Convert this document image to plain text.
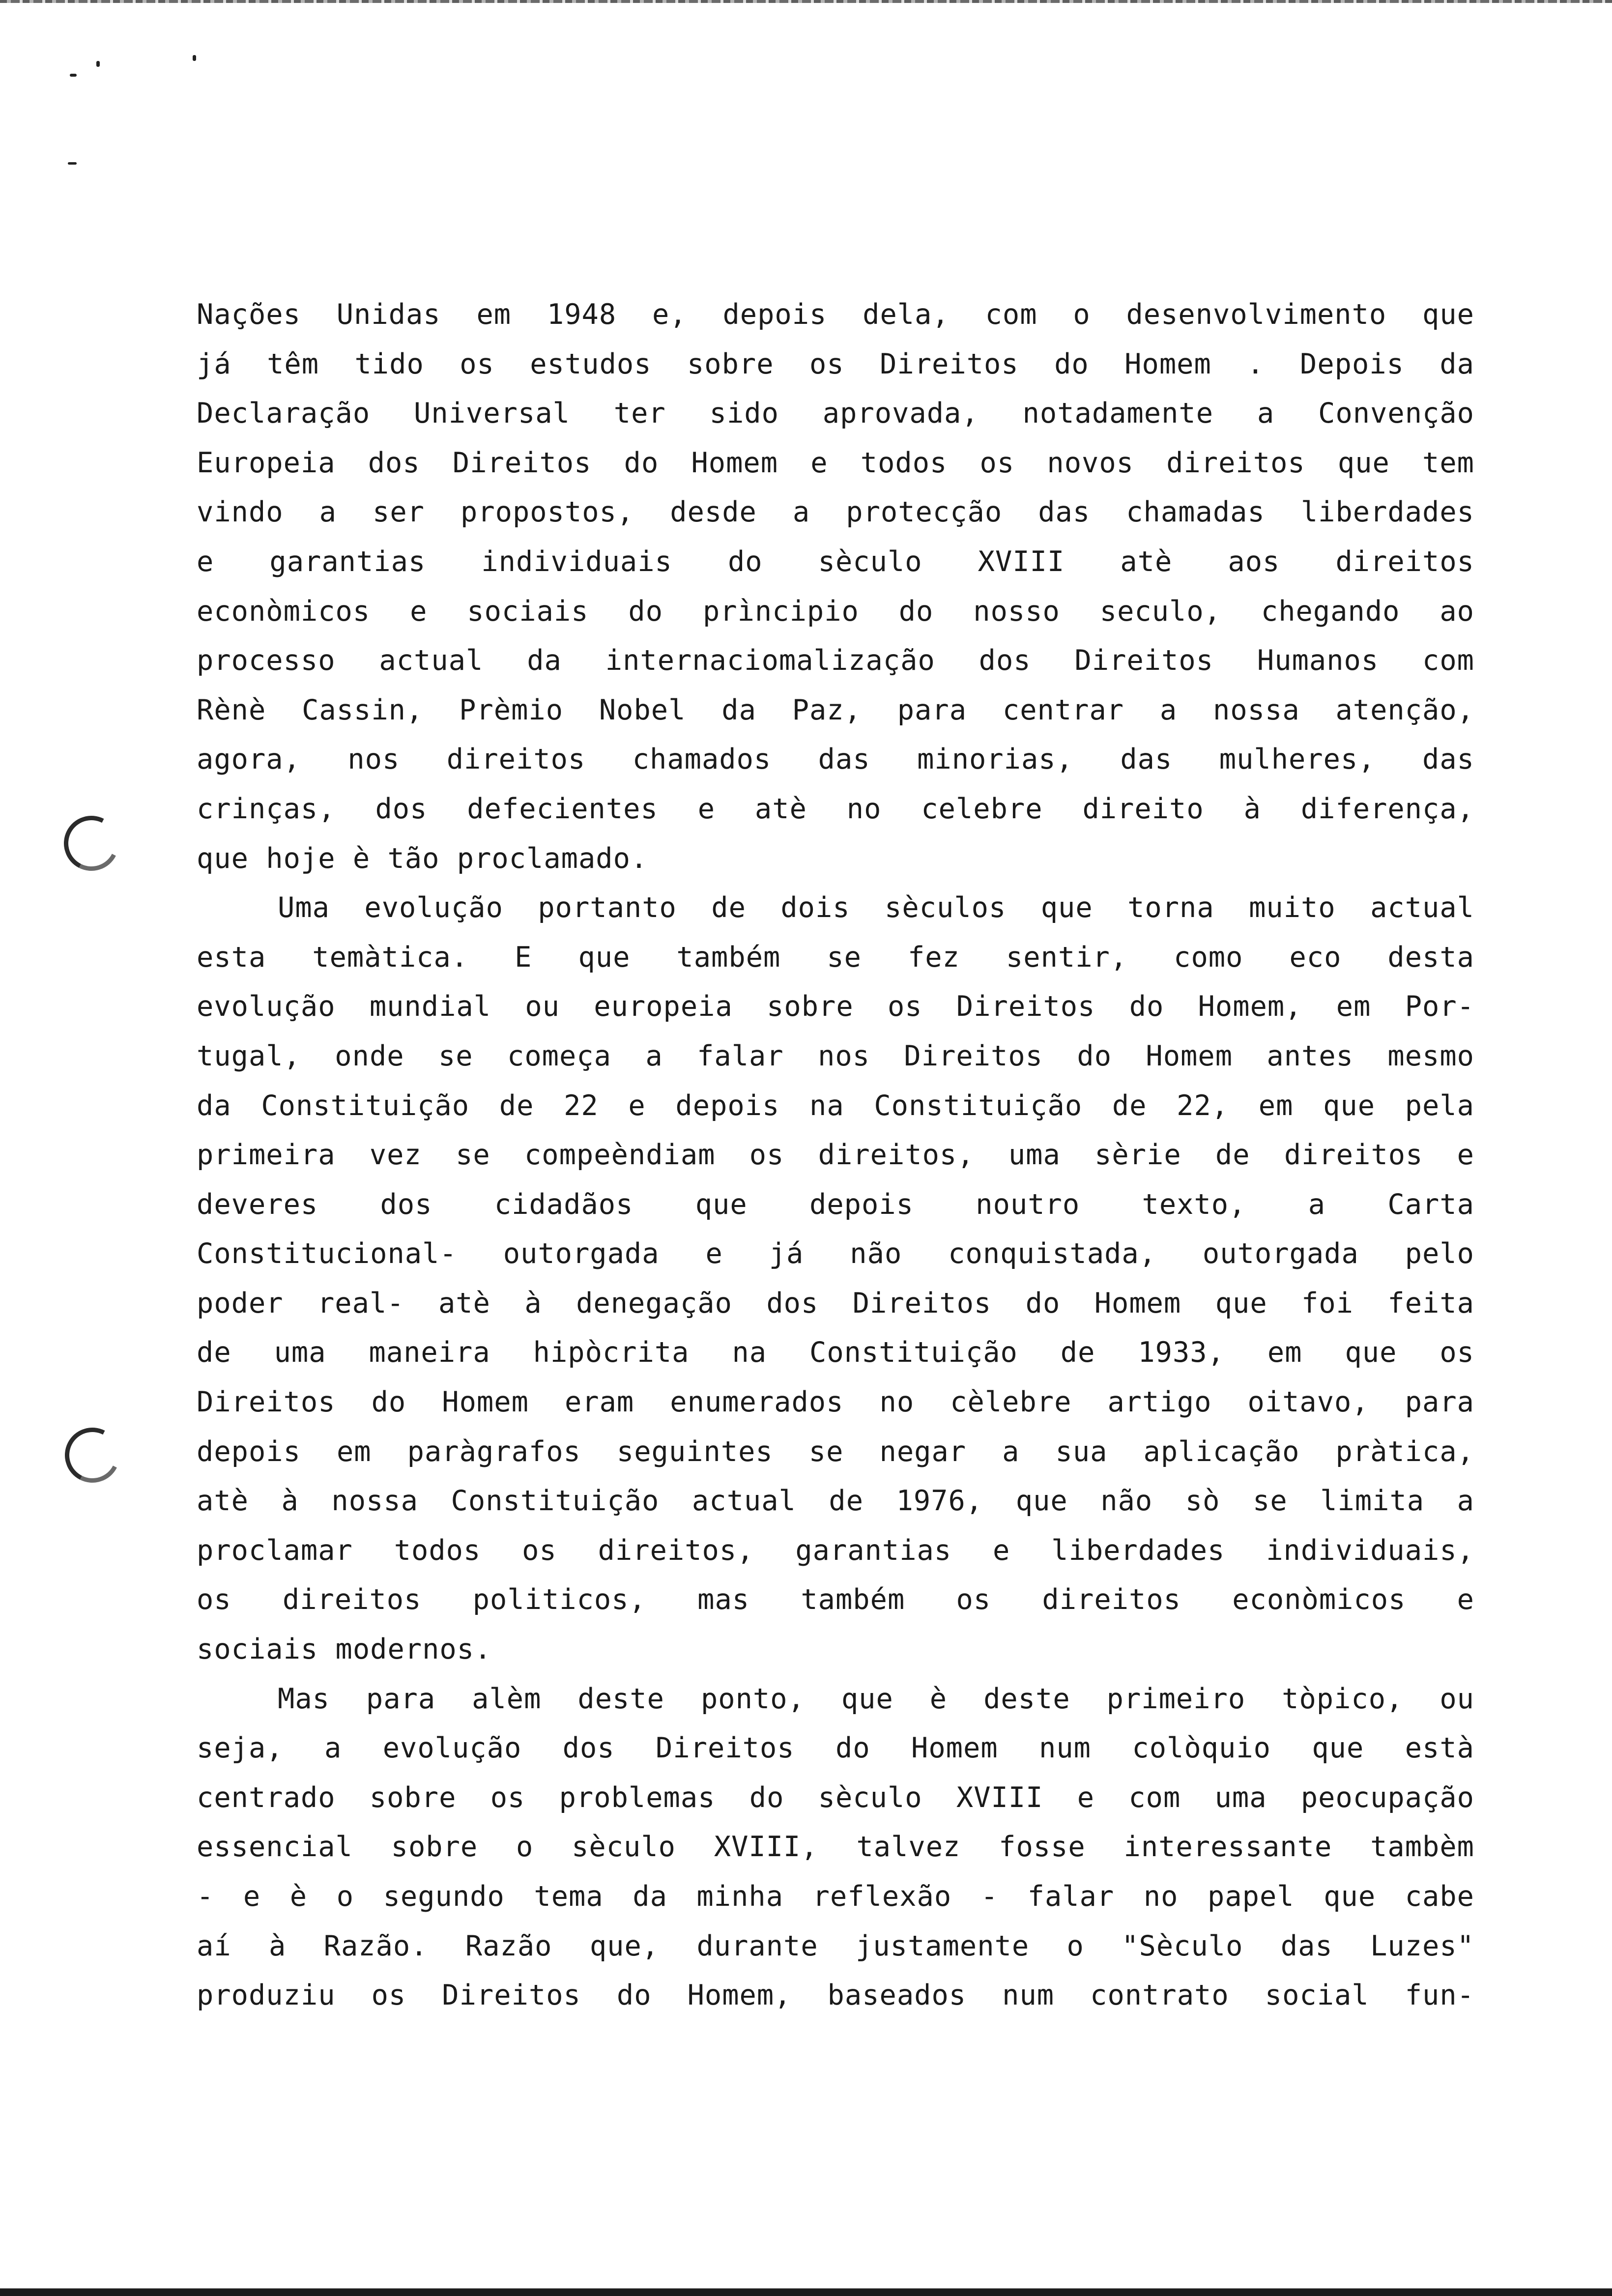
Nações Unidas em 1948 e, depois dela, com o desenvolvimento que
já têm tido os estudos sobre os Direitos do Homem . Depois da
Declaração Universal ter sido aprovada, notadamente a Convenção
Europeia dos Direitos do Homem e todos os novos direitos que tem
vindo a ser propostos, desde a protecção das chamadas liberdades
e garantias individuais do sèculo XVIII atè aos direitos
econòmicos e sociais do prìncipio do nosso seculo, chegando ao
processo actual da internaciomalização dos Direitos Humanos com
Rènè Cassin, Prèmio Nobel da Paz, para centrar a nossa atenção,
agora, nos direitos chamados das minorias, das mulheres, das
crinças, dos defecientes e atè no celebre direito à diferença,
que hoje è tão proclamado.
Uma evolução portanto de dois sèculos que torna muito actual
esta temàtica. E que também se fez sentir, como eco desta
evolução mundial ou europeia sobre os Direitos do Homem, em Por-
tugal, onde se começa a falar nos Direitos do Homem antes mesmo
da Constituição de 22 e depois na Constituição de 22, em que pela
primeira vez se compeèndiam os direitos, uma sèrie de direitos e
deveres dos cidadãos que depois noutro texto, a Carta
Constitucional- outorgada e já não conquistada, outorgada pelo
poder real- atè à denegação dos Direitos do Homem que foi feita
de uma maneira hipòcrita na Constituição de 1933, em que os
Direitos do Homem eram enumerados no cèlebre artigo oitavo, para
depois em paràgrafos seguintes se negar a sua aplicação pràtica,
atè à nossa Constituição actual de 1976, que não sò se limita a
proclamar todos os direitos, garantias e liberdades individuais,
os direitos politicos, mas também os direitos econòmicos e
sociais modernos.
Mas para alèm deste ponto, que è deste primeiro tòpico, ou
seja, a evolução dos Direitos do Homem num colòquio que està
centrado sobre os problemas do sèculo XVIII e com uma peocupação
essencial sobre o sèculo XVIII, talvez fosse interessante tambèm
- e è o segundo tema da minha reflexão - falar no papel que cabe
aí à Razão. Razão que, durante justamente o "Sèculo das Luzes"
produziu os Direitos do Homem, baseados num contrato social fun-
